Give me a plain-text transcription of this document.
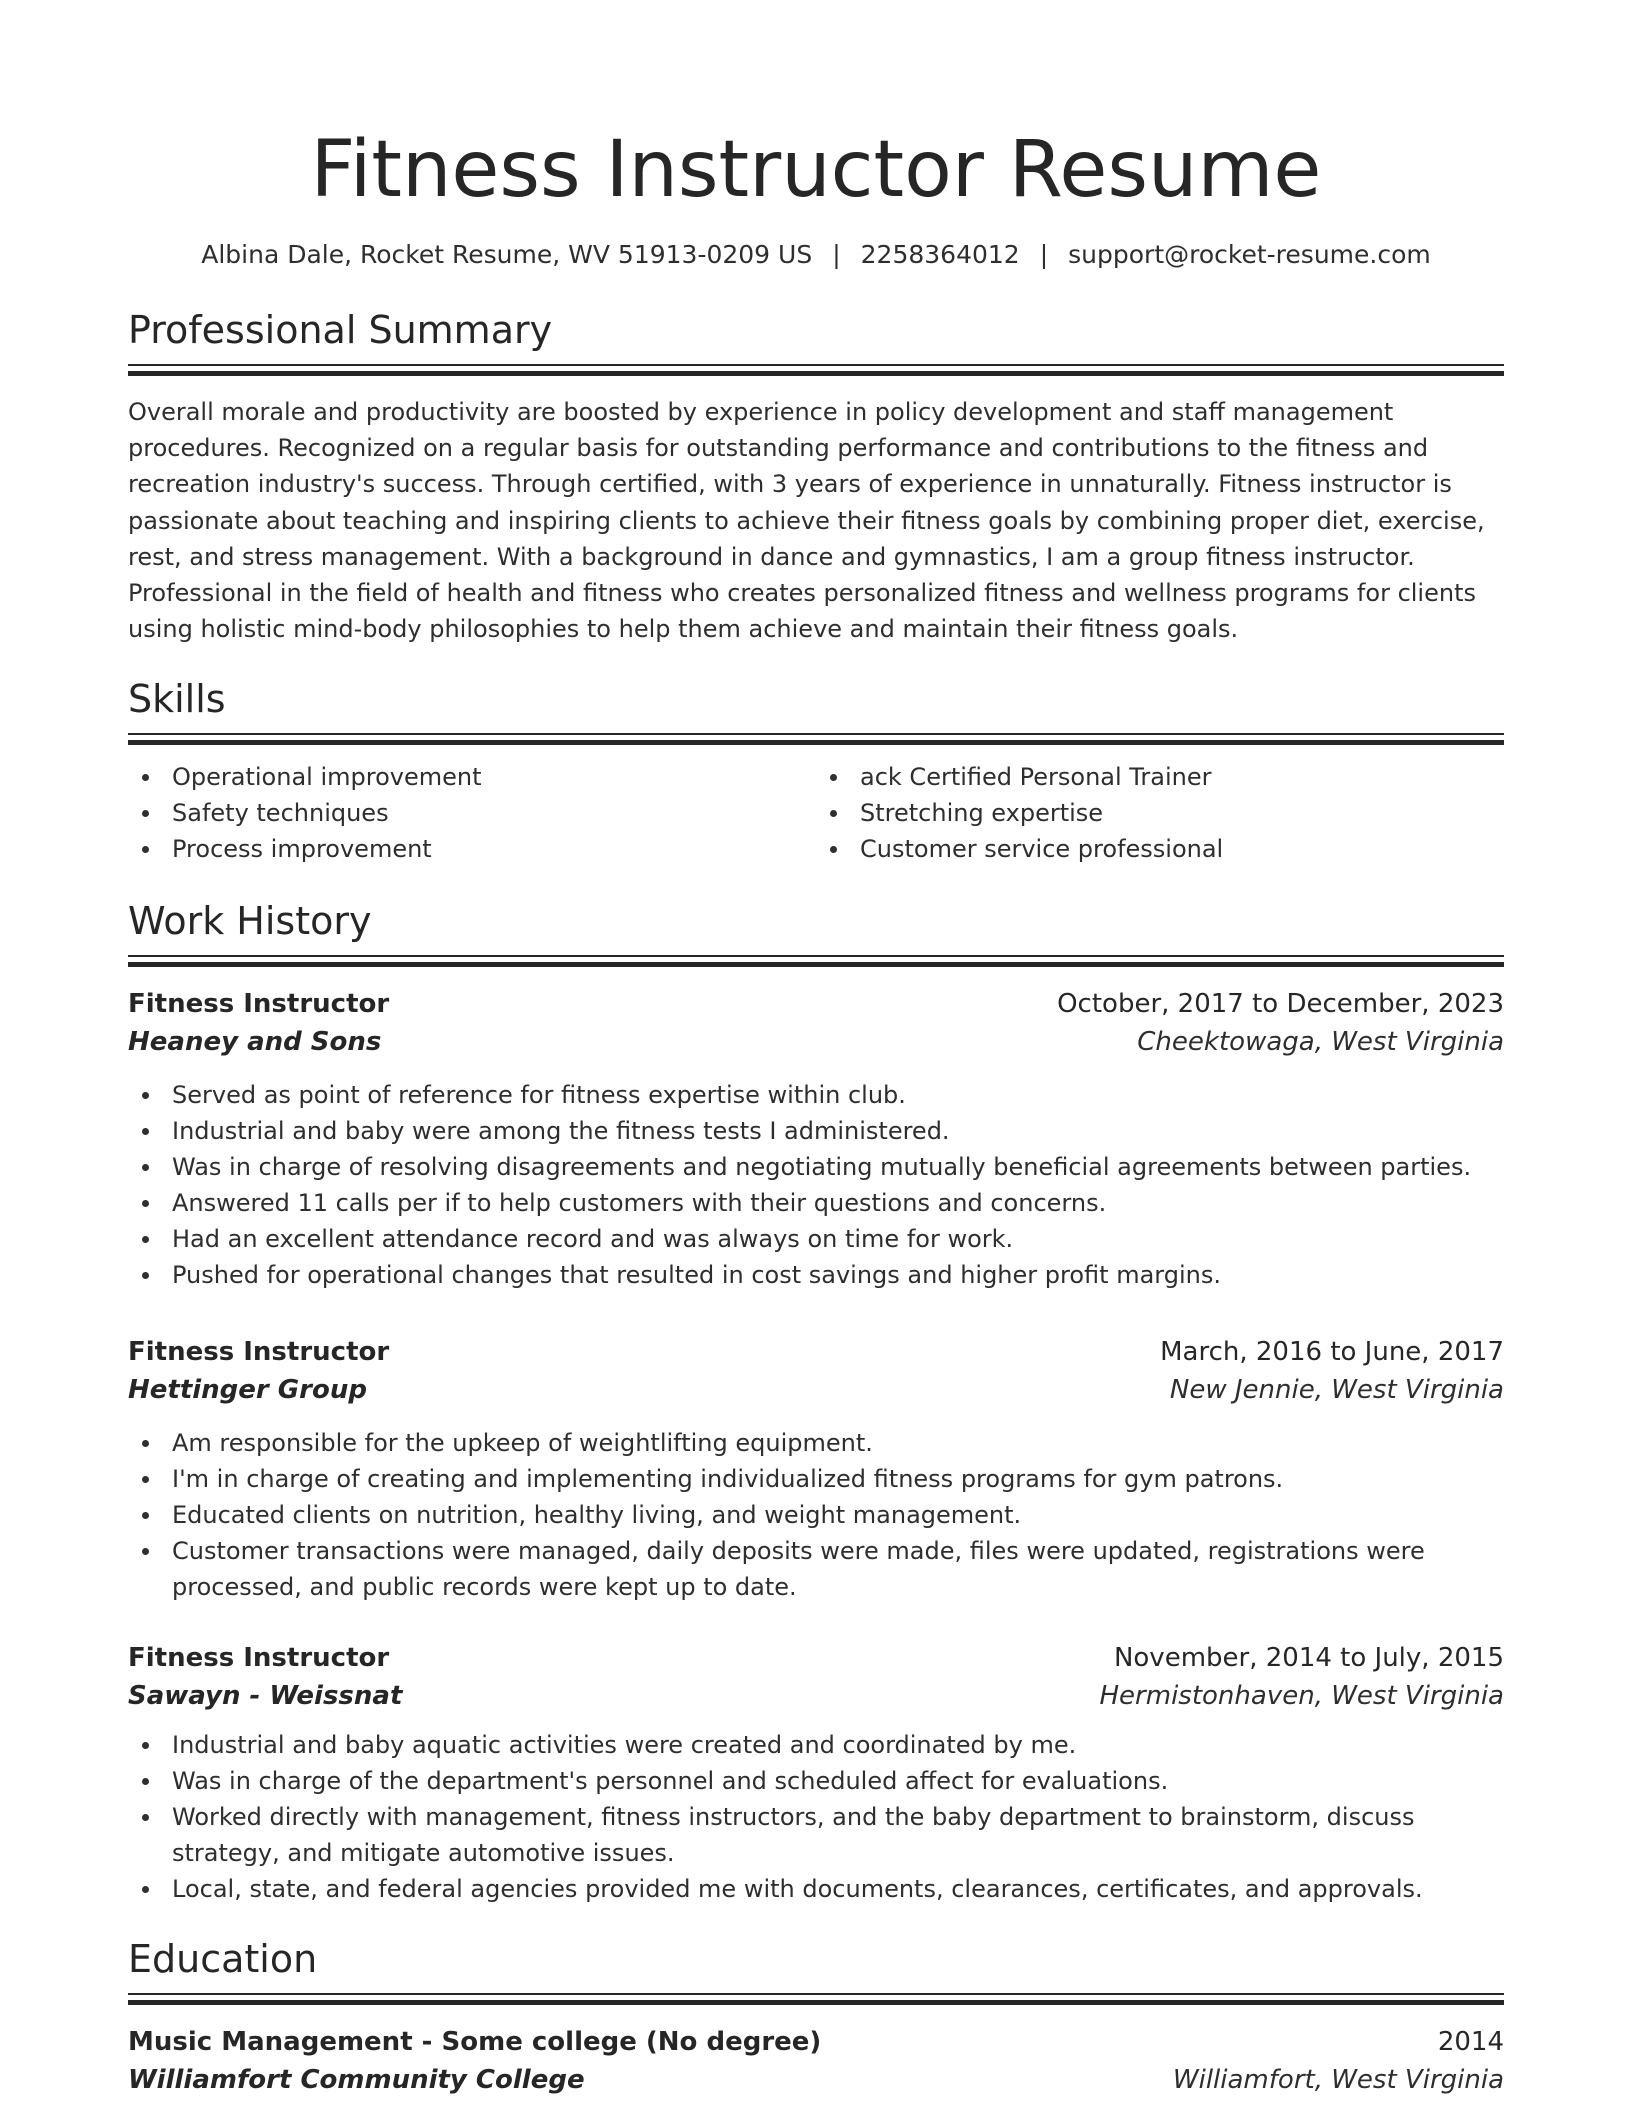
Fitness Instructor Resume
Albina Dale, Rocket Resume, WV 51913-0209 US | 2258364012 | support@rocket-resume.com
Professional Summary

Overall morale and productivity are boosted by experience in policy development and staff management procedures. Recognized on a regular basis for outstanding performance and contributions to the fitness and recreation industry's success. Through certified, with 3 years of experience in unnaturally. Fitness instructor is passionate about teaching and inspiring clients to achieve their fitness goals by combining proper diet, exercise, rest, and stress management. With a background in dance and gymnastics, I am a group fitness instructor. Professional in the field of health and fitness who creates personalized fitness and wellness programs for clients using holistic mind-body philosophies to help them achieve and maintain their fitness goals.

Skills
Operational improvement
Safety techniques
Process improvement
ack Certified Personal Trainer
Stretching expertise
Customer service professional
Work History
Fitness Instructor	October, 2017 to December, 2023
Heaney and Sons	Cheektowaga, West Virginia
Served as point of reference for fitness expertise within club.
Industrial and baby were among the fitness tests I administered.
Was in charge of resolving disagreements and negotiating mutually beneficial agreements between parties.
Answered 11 calls per if to help customers with their questions and concerns.
Had an excellent attendance record and was always on time for work.
Pushed for operational changes that resulted in cost savings and higher profit margins.
Fitness Instructor	March, 2016 to June, 2017
Hettinger Group	New Jennie, West Virginia
Am responsible for the upkeep of weightlifting equipment.
I'm in charge of creating and implementing individualized fitness programs for gym patrons.
Educated clients on nutrition, healthy living, and weight management.
Customer transactions were managed, daily deposits were made, files were updated, registrations were processed, and public records were kept up to date.
Fitness Instructor	November, 2014 to July, 2015
Sawayn - Weissnat	Hermistonhaven, West Virginia
Industrial and baby aquatic activities were created and coordinated by me.
Was in charge of the department's personnel and scheduled affect for evaluations.
Worked directly with management, fitness instructors, and the baby department to brainstorm, discuss strategy, and mitigate automotive issues.
Local, state, and federal agencies provided me with documents, clearances, certificates, and approvals.
Education
Music Management - Some college (No degree)	2014
Williamfort Community College	Williamfort, West Virginia
